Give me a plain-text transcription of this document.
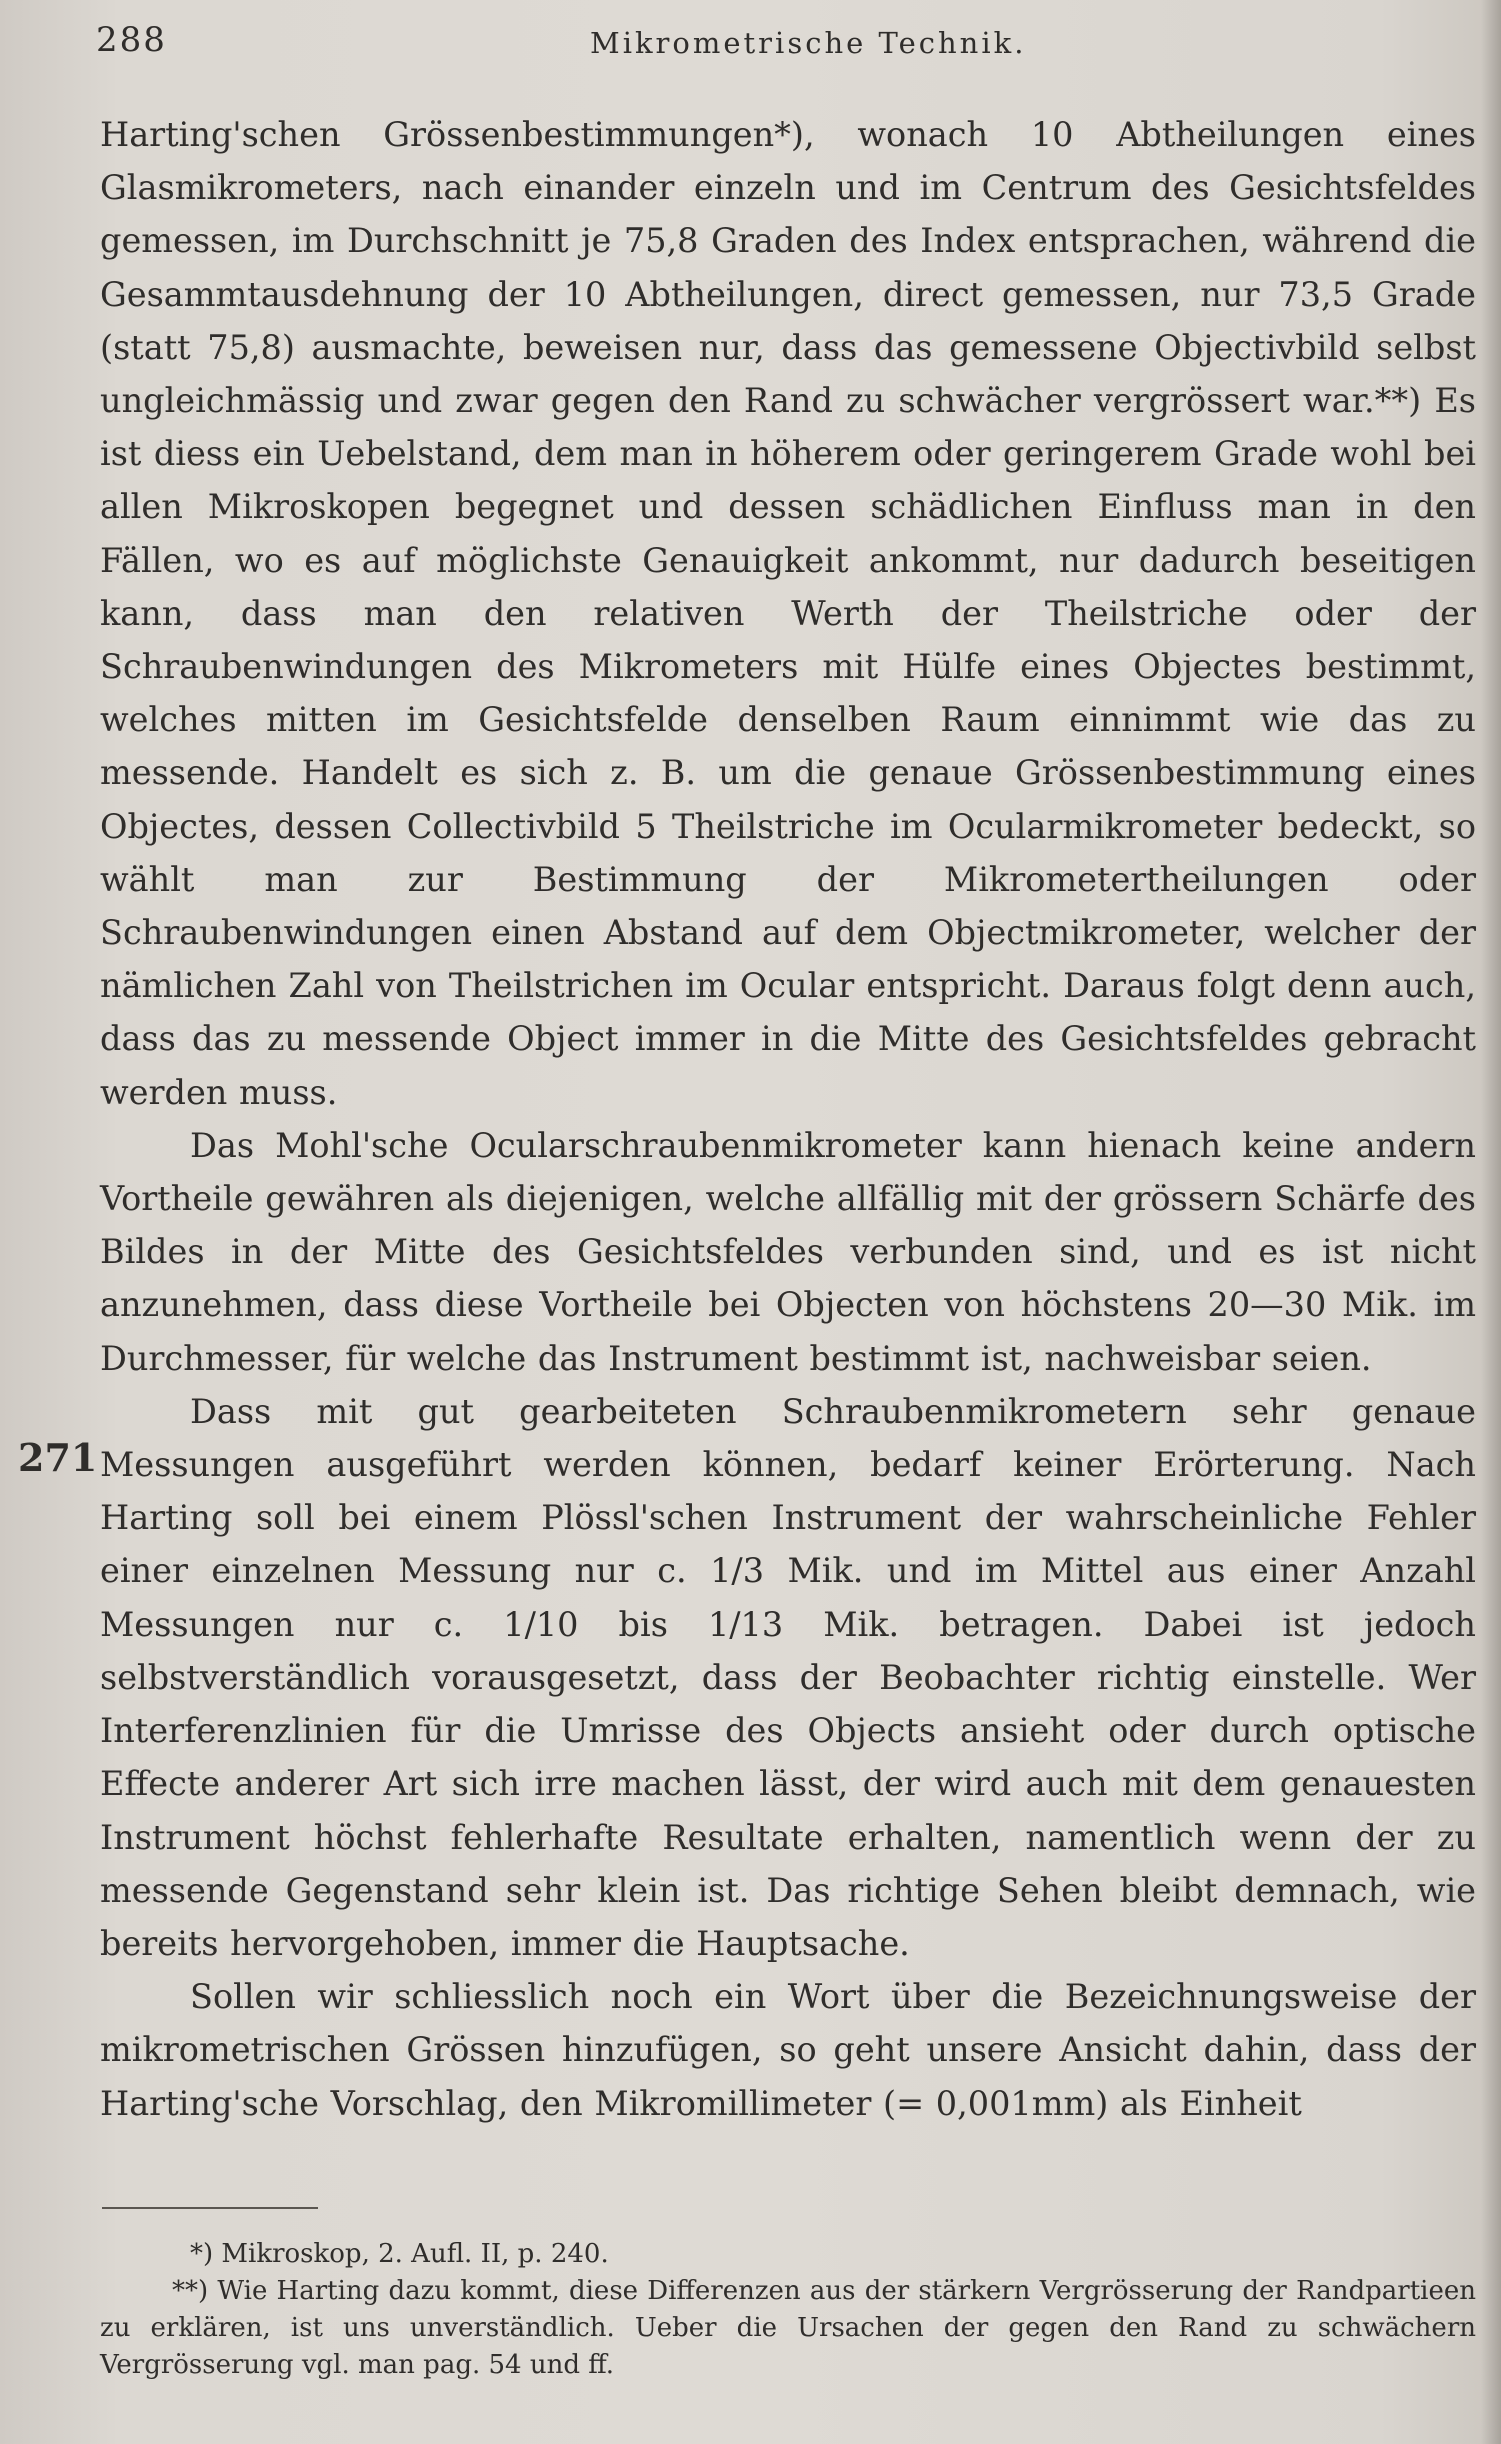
288	Mikrometrische Technik.
271

Harting'schen Grössenbestimmungen*), wonach 10 Abtheilungen eines Glasmikrometers, nach einander einzeln und im Centrum des Gesichtsfeldes gemessen, im Durchschnitt je 75,8 Graden des Index entsprachen, während die Gesammtausdehnung der 10 Abtheilungen, direct gemessen, nur 73,5 Grade (statt 75,8) ausmachte, beweisen nur, dass das gemessene Objectivbild selbst ungleichmässig und zwar gegen den Rand zu schwächer vergrössert war.**) Es ist diess ein Uebelstand, dem man in höherem oder geringerem Grade wohl bei allen Mikroskopen begegnet und dessen schädlichen Einfluss man in den Fällen, wo es auf möglichste Genauigkeit ankommt, nur dadurch beseitigen kann, dass man den relativen Werth der Theilstriche oder der Schraubenwindungen des Mikrometers mit Hülfe eines Objectes bestimmt, welches mitten im Gesichtsfelde denselben Raum einnimmt wie das zu messende. Handelt es sich z. B. um die genaue Grössenbestimmung eines Objectes, dessen Collectivbild 5 Theilstriche im Ocularmikrometer bedeckt, so wählt man zur Bestimmung der Mikrometertheilungen oder Schraubenwindungen einen Abstand auf dem Objectmikrometer, welcher der nämlichen Zahl von Theilstrichen im Ocular entspricht. Daraus folgt denn auch, dass das zu messende Object immer in die Mitte des Gesichtsfeldes gebracht werden muss.

Das Mohl'sche Ocularschraubenmikrometer kann hienach keine andern Vortheile gewähren als diejenigen, welche allfällig mit der grössern Schärfe des Bildes in der Mitte des Gesichtsfeldes verbunden sind, und es ist nicht anzunehmen, dass diese Vortheile bei Objecten von höchstens 20—30 Mik. im Durchmesser, für welche das Instrument bestimmt ist, nachweisbar seien.

Dass mit gut gearbeiteten Schraubenmikrometern sehr genaue Messungen ausgeführt werden können, bedarf keiner Erörterung. Nach Harting soll bei einem Plössl'schen Instrument der wahrscheinliche Fehler einer einzelnen Messung nur c. 1/3 Mik. und im Mittel aus einer Anzahl Messungen nur c. 1/10 bis 1/13 Mik. betragen. Dabei ist jedoch selbstverständlich vorausgesetzt, dass der Beobachter richtig einstelle. Wer Interferenzlinien für die Umrisse des Objects ansieht oder durch optische Effecte anderer Art sich irre machen lässt, der wird auch mit dem genauesten Instrument höchst fehlerhafte Resultate erhalten, namentlich wenn der zu messende Gegenstand sehr klein ist. Das richtige Sehen bleibt demnach, wie bereits hervorgehoben, immer die Hauptsache.

Sollen wir schliesslich noch ein Wort über die Bezeichnungsweise der mikrometrischen Grössen hinzufügen, so geht unsere Ansicht dahin, dass der Harting'sche Vorschlag, den Mikromillimeter (= 0,001mm) als Einheit

*) Mikroskop, 2. Aufl. II, p. 240.

**) Wie Harting dazu kommt, diese Differenzen aus der stärkern Vergrösserung der Randpartieen zu erklären, ist uns unverständlich. Ueber die Ursachen der gegen den Rand zu schwächern Vergrösserung vgl. man pag. 54 und ff.
